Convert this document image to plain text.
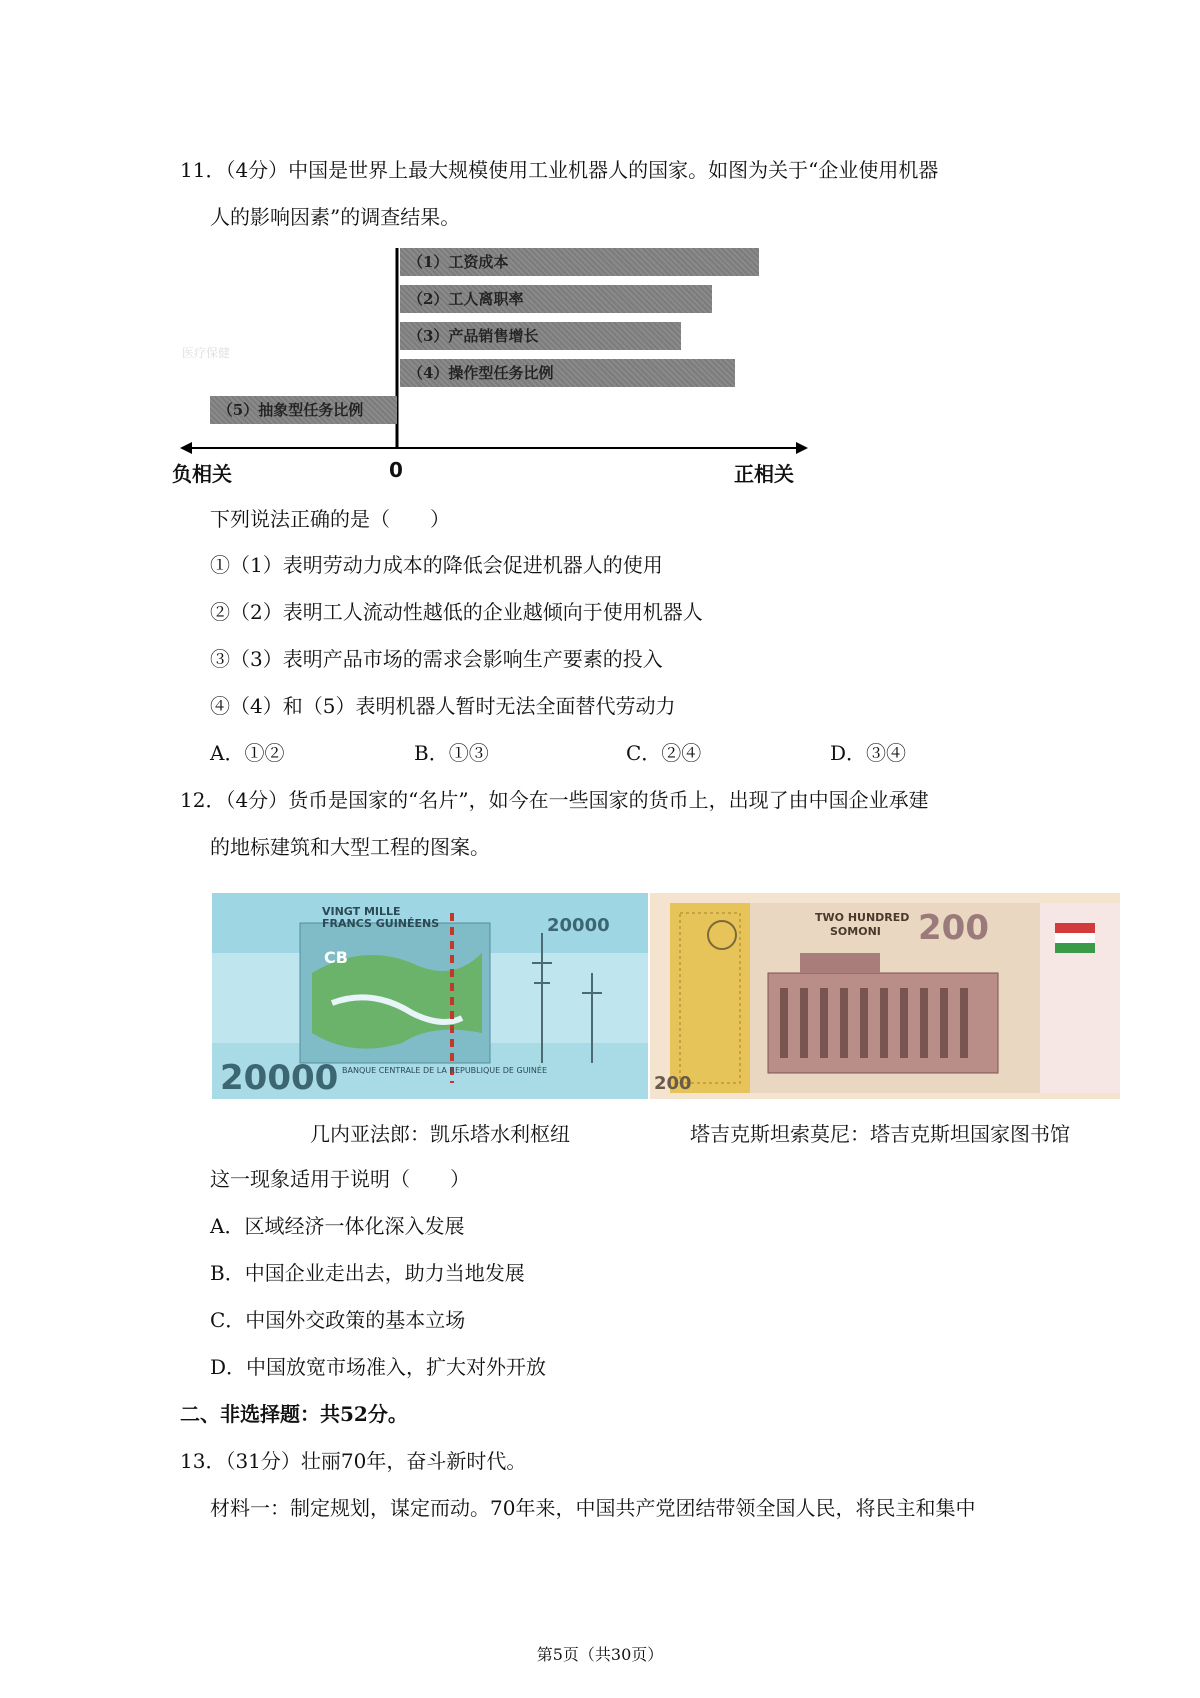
11．（4分）中国是世界上最大规模使用工业机器人的国家。如图为关于“企业使用机器
人的影响因素”的调查结果。
（1）工资成本
（2）工人离职率
（3）产品销售增长
（4）操作型任务比例
（5）抽象型任务比例
医疗保健
负相关	0	正相关
下列说法正确的是（　　）
①（1）表明劳动力成本的降低会促进机器人的使用
②（2）表明工人流动性越低的企业越倾向于使用机器人
③（3）表明产品市场的需求会影响生产要素的投入
④（4）和（5）表明机器人暂时无法全面替代劳动力
A．①②	B．①③	C．②④	D．③④
12．（4分）货币是国家的“名片”，如今在一些国家的货币上，出现了由中国企业承建
的地标建筑和大型工程的图案。
VINGT MILLE
FRANCS GUINÉENS	20000
20000 BANQUE CENTRALE DE LA REPUBLIQUE DE GUINÉE
CB
TWO HUNDRED
SOMONI 200
200
几内亚法郎：凯乐塔水利枢纽	塔吉克斯坦索莫尼：塔吉克斯坦国家图书馆
这一现象适用于说明（　　）
A．区域经济一体化深入发展
B．中国企业走出去，助力当地发展
C．中国外交政策的基本立场
D．中国放宽市场准入，扩大对外开放
二、非选择题：共52分。
13．（31分）壮丽70年，奋斗新时代。
材料一：制定规划，谋定而动。70年来，中国共产党团结带领全国人民，将民主和集中
第5页（共30页）
